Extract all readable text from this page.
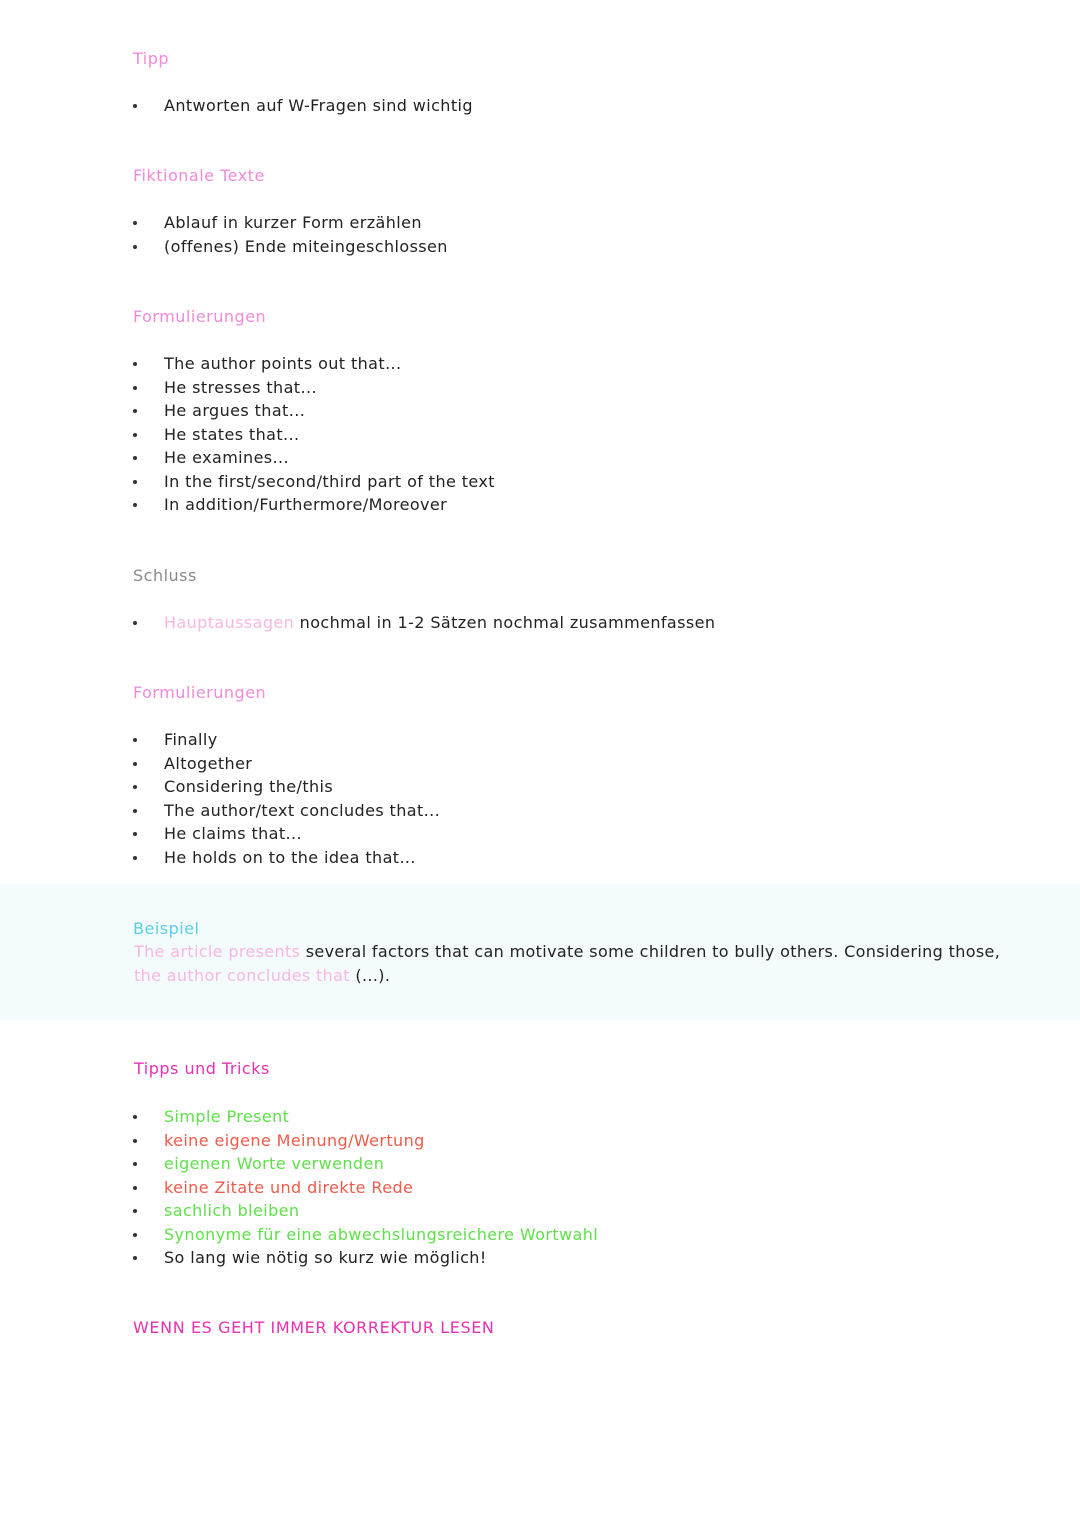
Tipp
Antworten auf W-Fragen sind wichtig
Fiktionale Texte
Ablauf in kurzer Form erzählen
(offenes) Ende miteingeschlossen
Formulierungen
The author points out that...
He stresses that...
He argues that...
He states that...
He examines...
In the first/second/third part of the text
In addition/Furthermore/Moreover
Schluss
Hauptaussagen nochmal in 1-2 Sätzen nochmal zusammenfassen
Formulierungen
Finally
Altogether
Considering the/this
The author/text concludes that...
He claims that...
He holds on to the idea that...
Beispiel
The article presents several factors that can motivate some children to bully others. Considering those,
the author concludes that (...).
Tipps und Tricks
Simple Present
keine eigene Meinung/Wertung
eigenen Worte verwenden
keine Zitate und direkte Rede
sachlich bleiben
Synonyme für eine abwechslungsreichere Wortwahl
So lang wie nötig so kurz wie möglich!
WENN ES GEHT IMMER KORREKTUR LESEN
